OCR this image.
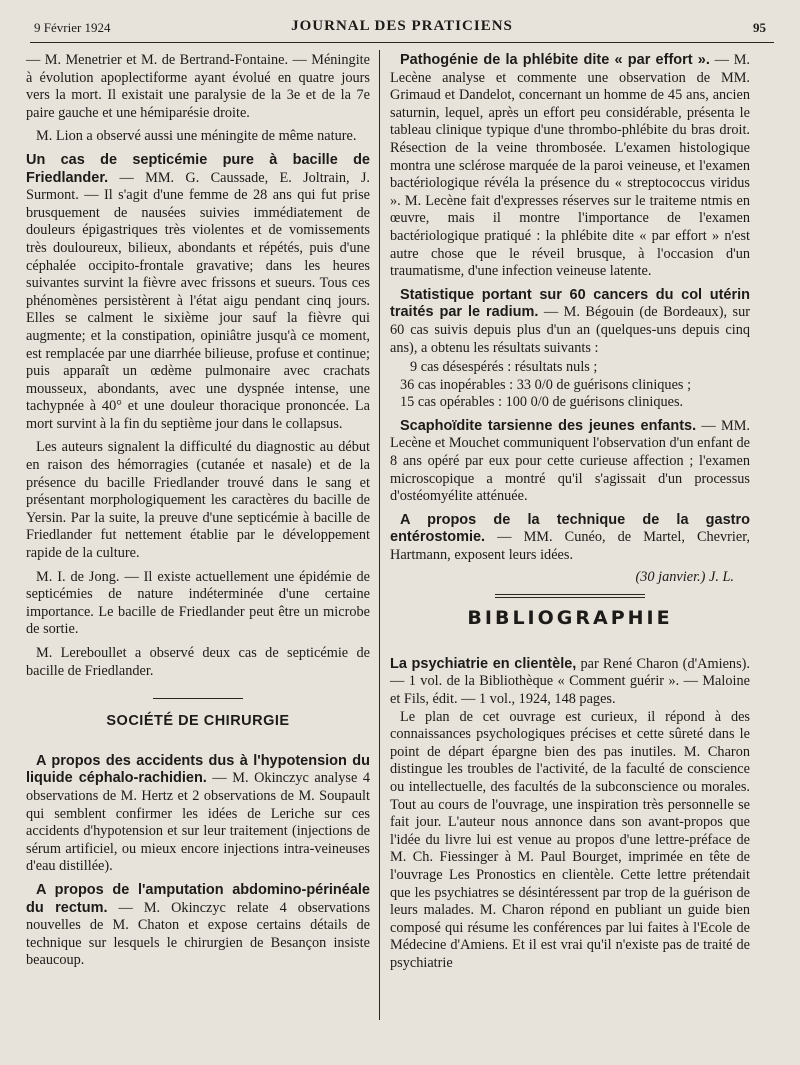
9 Février 1924	JOURNAL DES PRATICIENS	95

— M. Menetrier et M. de Bertrand-Fontaine. — Méningite à évolution apoplectiforme ayant évolué en quatre jours vers la mort. Il existait une paralysie de la 3e et de la 7e paire gauche et une hémiparésie droite.

M. Lion a observé aussi une méningite de même nature.

Un cas de septicémie pure à bacille de Friedlander. — MM. G. Caussade, E. Joltrain, J. Surmont. — Il s'agit d'une femme de 28 ans qui fut prise brusquement de nausées suivies immédiatement de douleurs épigastriques très violentes et de vomissements très douloureux, bilieux, abondants et répétés, puis d'une céphalée occipito-frontale gravative; dans les heures suivantes survint la fièvre avec frissons et sueurs. Tous ces phénomènes persistèrent à l'état aigu pendant cinq jours. Elles se calment le sixième jour sauf la fièvre qui augmente; et la constipation, opiniâtre jusqu'à ce moment, est remplacée par une diarrhée bilieuse, profuse et continue; puis apparaît un œdème pulmonaire avec crachats mousseux, abondants, avec une dyspnée intense, une tachypnée à 40° et une douleur thoracique prononcée. La mort survint à la fin du septième jour dans le collapsus.

Les auteurs signalent la difficulté du diagnostic au début en raison des hémorragies (cutanée et nasale) et de la présence du bacille Friedlander trouvé dans le sang et présentant morphologiquement les caractères du bacille de Yersin. Par la suite, la preuve d'une septicémie à bacille de Friedlander fut nettement établie par le développement rapide de la culture.

M. I. de Jong. — Il existe actuellement une épidémie de septicémies de nature indéterminée d'une certaine importance. Le bacille de Friedlander peut être un microbe de sortie.

M. Lereboullet a observé deux cas de septicémie de bacille de Friedlander.

SOCIÉTÉ DE CHIRURGIE

A propos des accidents dus à l'hypotension du liquide céphalo-rachidien. — M. Okinczyc analyse 4 observations de M. Hertz et 2 observations de M. Soupault qui semblent confirmer les idées de Leriche sur ces accidents d'hypotension et sur leur traitement (injections de sérum artificiel, ou mieux encore injections intra-veineuses d'eau distillée).

A propos de l'amputation abdomino-périnéale du rectum. — M. Okinczyc relate 4 observations nouvelles de M. Chaton et expose certains détails de technique sur lesquels le chirurgien de Besançon insiste beaucoup.

Pathogénie de la phlébite dite « par effort ». — M. Lecène analyse et commente une observation de MM. Grimaud et Dandelot, concernant un homme de 45 ans, ancien saturnin, lequel, après un effort peu considérable, présenta le tableau clinique typique d'une thrombo-phlébite du bras droit. Résection de la veine thrombosée. L'examen histologique montra une sclérose marquée de la paroi veineuse, et l'examen bactériologique révéla la présence du « streptococcus viridus ». M. Lecène fait d'expresses réserves sur le traiteme ntmis en œuvre, mais il montre l'importance de l'examen bactériologique pratiqué : la phlébite dite « par effort » n'est autre chose que le réveil brusque, à l'occasion d'un traumatisme, d'une infection veineuse latente.

Statistique portant sur 60 cancers du col utérin traités par le radium. — M. Bégouin (de Bordeaux), sur 60 cas suivis depuis plus d'un an (quelques-uns depuis cinq ans), a obtenu les résultats suivants :

9 cas désespérés : résultats nuls ;
36 cas inopérables : 33 0/0 de guérisons cliniques ;
15 cas opérables : 100 0/0 de guérisons cliniques.

Scaphoïdite tarsienne des jeunes enfants. — MM. Lecène et Mouchet communiquent l'observation d'un enfant de 8 ans opéré par eux pour cette curieuse affection ; l'examen microscopique a montré qu'il s'agissait d'un processus d'ostéomyélite atténuée.

A propos de la technique de la gastro entérostomie. — MM. Cunéo, de Martel, Chevrier, Hartmann, exposent leurs idées.

(30 janvier.) J. L.
BIBLIOGRAPHIE

La psychiatrie en clientèle, par René Charon (d'Amiens). — 1 vol. de la Bibliothèque « Comment guérir ». — Maloine et Fils, édit. — 1 vol., 1924, 148 pages.

Le plan de cet ouvrage est curieux, il répond à des connaissances psychologiques précises et cette sûreté dans le point de départ épargne bien des pas inutiles. M. Charon distingue les troubles de l'activité, de la faculté de conscience ou intellectuelle, des facultés de la subconscience ou morales. Tout au cours de l'ouvrage, une inspiration très personnelle se fait jour. L'auteur nous annonce dans son avant-propos que l'idée du livre lui est venue au propos d'une lettre-préface de M. Ch. Fiessinger à M. Paul Bourget, imprimée en tête de l'ouvrage Les Pronostics en clientèle. Cette lettre prétendait que les psychiatres se désintéressent par trop de la guérison de leurs malades. M. Charon répond en publiant un guide bien composé qui résume les conférences par lui faites à l'Ecole de Médecine d'Amiens. Et il est vrai qu'il n'existe pas de traité de psychiatrie
